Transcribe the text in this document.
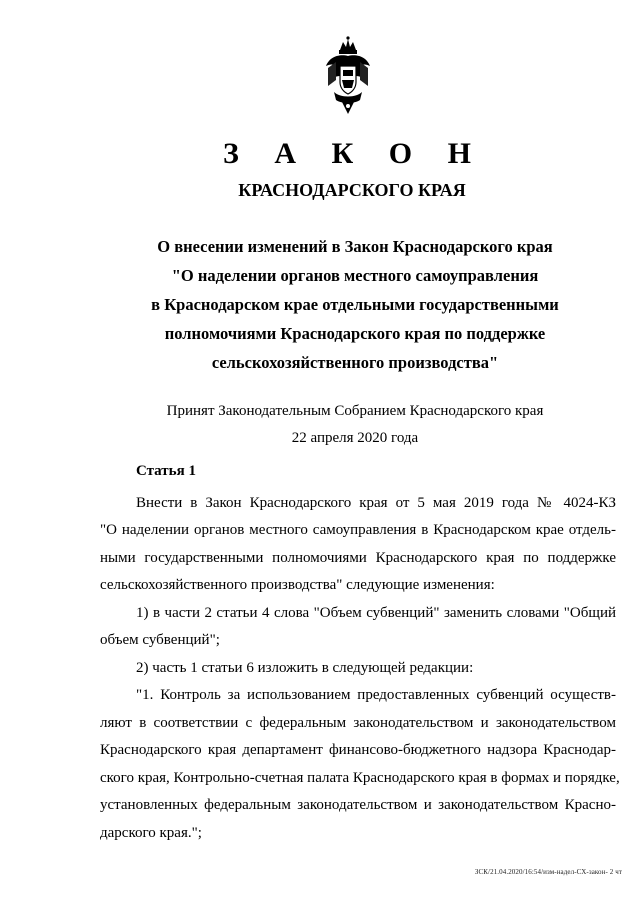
З А К О Н
КРАСНОДАРСКОГО КРАЯ
О внесении изменений в Закон Краснодарского края
"О наделении органов местного самоуправления
в Краснодарском крае отдельными государственными
полномочиями Краснодарского края по поддержке
сельскохозяйственного производства"
Принят Законодательным Собранием Краснодарского края
22 апреля 2020 года
Статья 1
Внести в Закон Краснодарского края от 5 мая 2019 года № 4024-КЗ
"О наделении органов местного самоуправления в Краснодарском крае отдель-
ными государственными полномочиями Краснодарского края по поддержке
сельскохозяйственного производства" следующие изменения:
1) в части 2 статьи 4 слова "Объем субвенций" заменить словами "Общий
объем субвенций";
2) часть 1 статьи 6 изложить в следующей редакции:
"1. Контроль за использованием предоставленных субвенций осуществ-
ляют в соответствии с федеральным законодательством и законодательством
Краснодарского края департамент финансово-бюджетного надзора Краснодар-
ского края, Контрольно-счетная палата Краснодарского края в формах и порядке,
установленных федеральным законодательством и законодательством Красно-
дарского края.";
ЗСК/21.04.2020/16:54/изм-надел-СХ-закон- 2 чт
